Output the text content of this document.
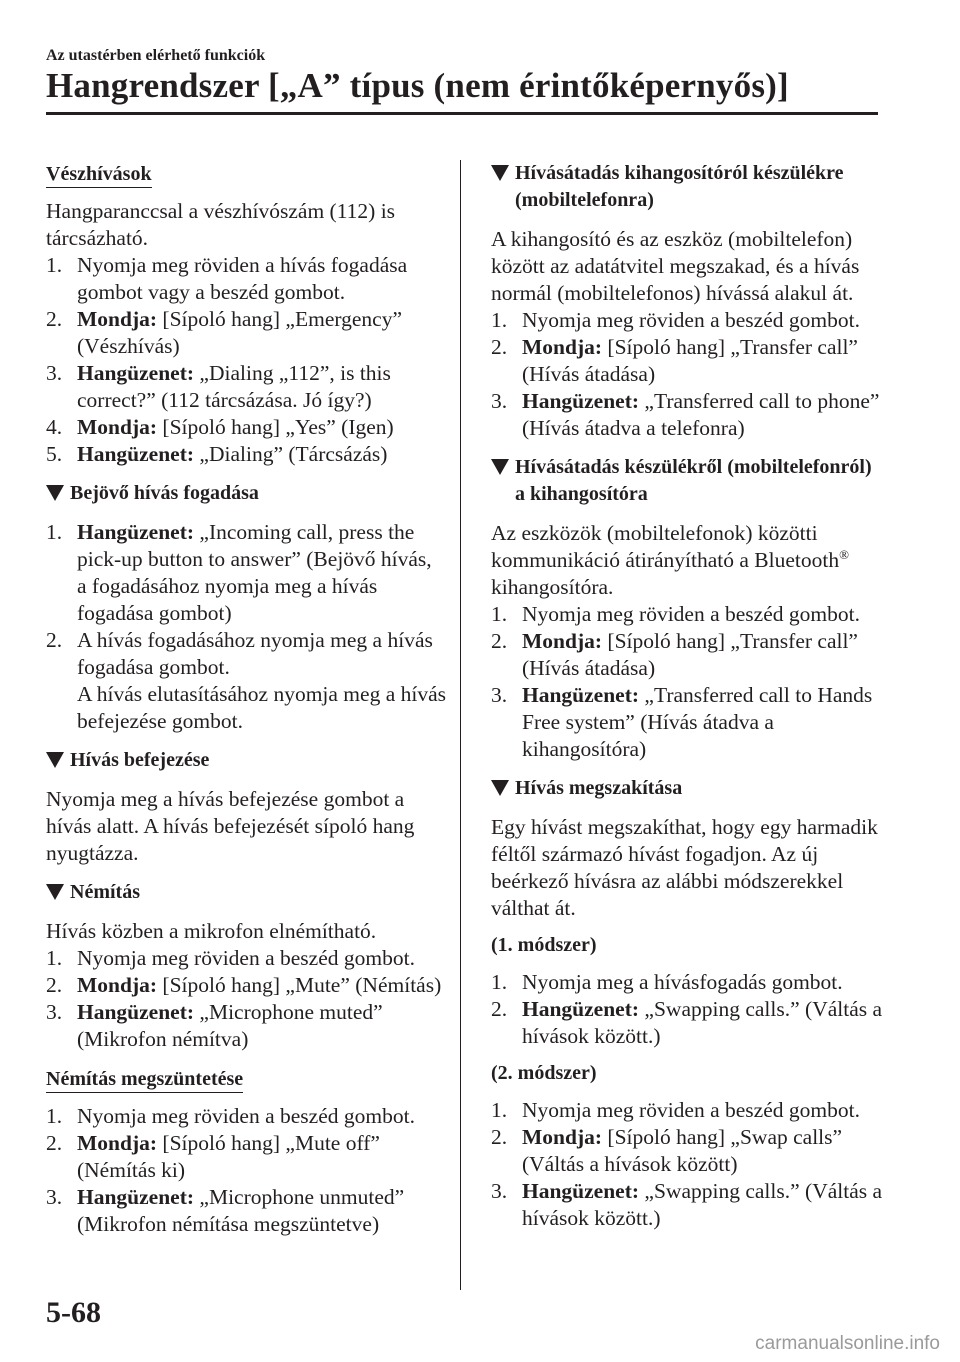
Az utastérben elérhető funkciók
Hangrendszer [„A” típus (nem érintőképernyős)]
Vészhívások
Hangparanccsal a vészhívószám (112) is tárcsázható.
1. Nyomja meg röviden a hívás fogadása gombot vagy a beszéd gombot.
2. Mondja: [Sípoló hang] „Emergency” (Vészhívás)
3. Hangüzenet: „Dialing „112”, is this correct?” (112 tárcsázása. Jó így?)
4. Mondja: [Sípoló hang] „Yes” (Igen)
5. Hangüzenet: „Dialing” (Tárcsázás)
Bejövő hívás fogadása
1. Hangüzenet: „Incoming call, press the pick-up button to answer” (Bejövő hívás, a fogadásához nyomja meg a hívás fogadása gombot)
2. A hívás fogadásához nyomja meg a hívás fogadása gombot.
A hívás elutasításához nyomja meg a hívás befejezése gombot.
Hívás befejezése
Nyomja meg a hívás befejezése gombot a hívás alatt. A hívás befejezését sípoló hang nyugtázza.
Némítás
Hívás közben a mikrofon elnémítható.
1. Nyomja meg röviden a beszéd gombot.
2. Mondja: [Sípoló hang] „Mute” (Némítás)
3. Hangüzenet: „Microphone muted” (Mikrofon némítva)
Némítás megszüntetése
1. Nyomja meg röviden a beszéd gombot.
2. Mondja: [Sípoló hang] „Mute off” (Némítás ki)
3. Hangüzenet: „Microphone unmuted” (Mikrofon némítása megszüntetve)
Hívásátadás kihangosítóról készülékre (mobiltelefonra)
A kihangosító és az eszköz (mobiltelefon) között az adatátvitel megszakad, és a hívás normál (mobiltelefonos) hívássá alakul át.
1. Nyomja meg röviden a beszéd gombot.
2. Mondja: [Sípoló hang] „Transfer call” (Hívás átadása)
3. Hangüzenet: „Transferred call to phone” (Hívás átadva a telefonra)
Hívásátadás készülékről (mobiltelefonról) a kihangosítóra
Az eszközök (mobiltelefonok) közötti kommunikáció átirányítható a Bluetooth® kihangosítóra.
1. Nyomja meg röviden a beszéd gombot.
2. Mondja: [Sípoló hang] „Transfer call” (Hívás átadása)
3. Hangüzenet: „Transferred call to Hands Free system” (Hívás átadva a kihangosítóra)
Hívás megszakítása
Egy hívást megszakíthat, hogy egy harmadik féltől származó hívást fogadjon. Az új beérkező hívásra az alábbi módszerekkel válthat át.
(1. módszer)
1. Nyomja meg a hívásfogadás gombot.
2. Hangüzenet: „Swapping calls.” (Váltás a hívások között.)
(2. módszer)
1. Nyomja meg röviden a beszéd gombot.
2. Mondja: [Sípoló hang] „Swap calls” (Váltás a hívások között)
3. Hangüzenet: „Swapping calls.” (Váltás a hívások között.)
5-68
carmanualsonline.info
